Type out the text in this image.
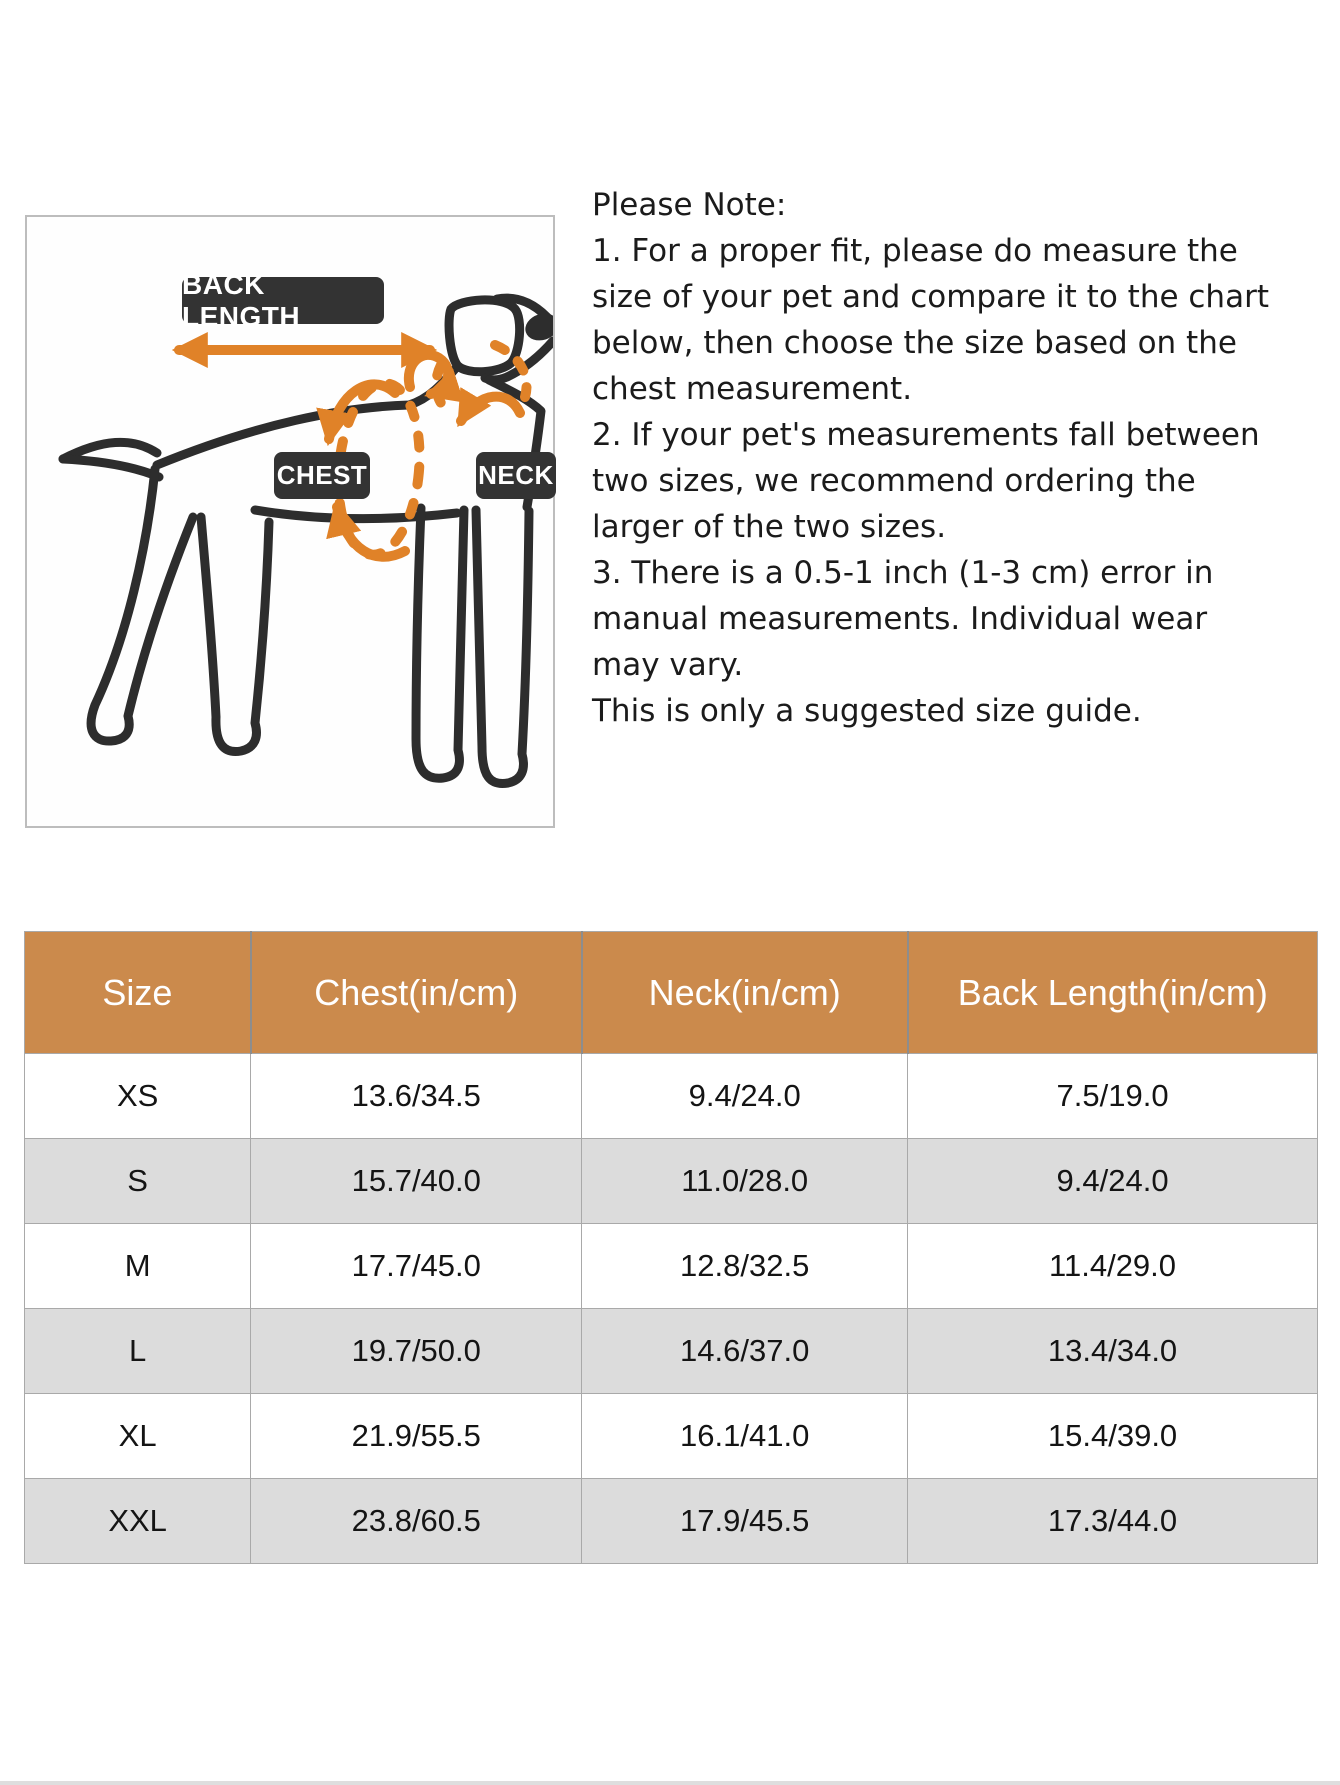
BACK LENGTH
CHEST	NECK
Please Note:
1. For a proper fit, please do measure the
size of your pet and compare it to the chart
below, then choose the size based on the
chest measurement.
2. If your pet's measurements fall between
two sizes, we recommend ordering the
larger of the two sizes.
3. There is a 0.5-1 inch (1-3 cm) error in
manual measurements. Individual wear
may vary.
This is only a suggested size guide.
Size	Chest(in/cm)	Neck(in/cm)	Back Length(in/cm)
XS	13.6/34.5	9.4/24.0	7.5/19.0
S	15.7/40.0	11.0/28.0	9.4/24.0
M	17.7/45.0	12.8/32.5	11.4/29.0
L	19.7/50.0	14.6/37.0	13.4/34.0
XL	21.9/55.5	16.1/41.0	15.4/39.0
XXL	23.8/60.5	17.9/45.5	17.3/44.0
